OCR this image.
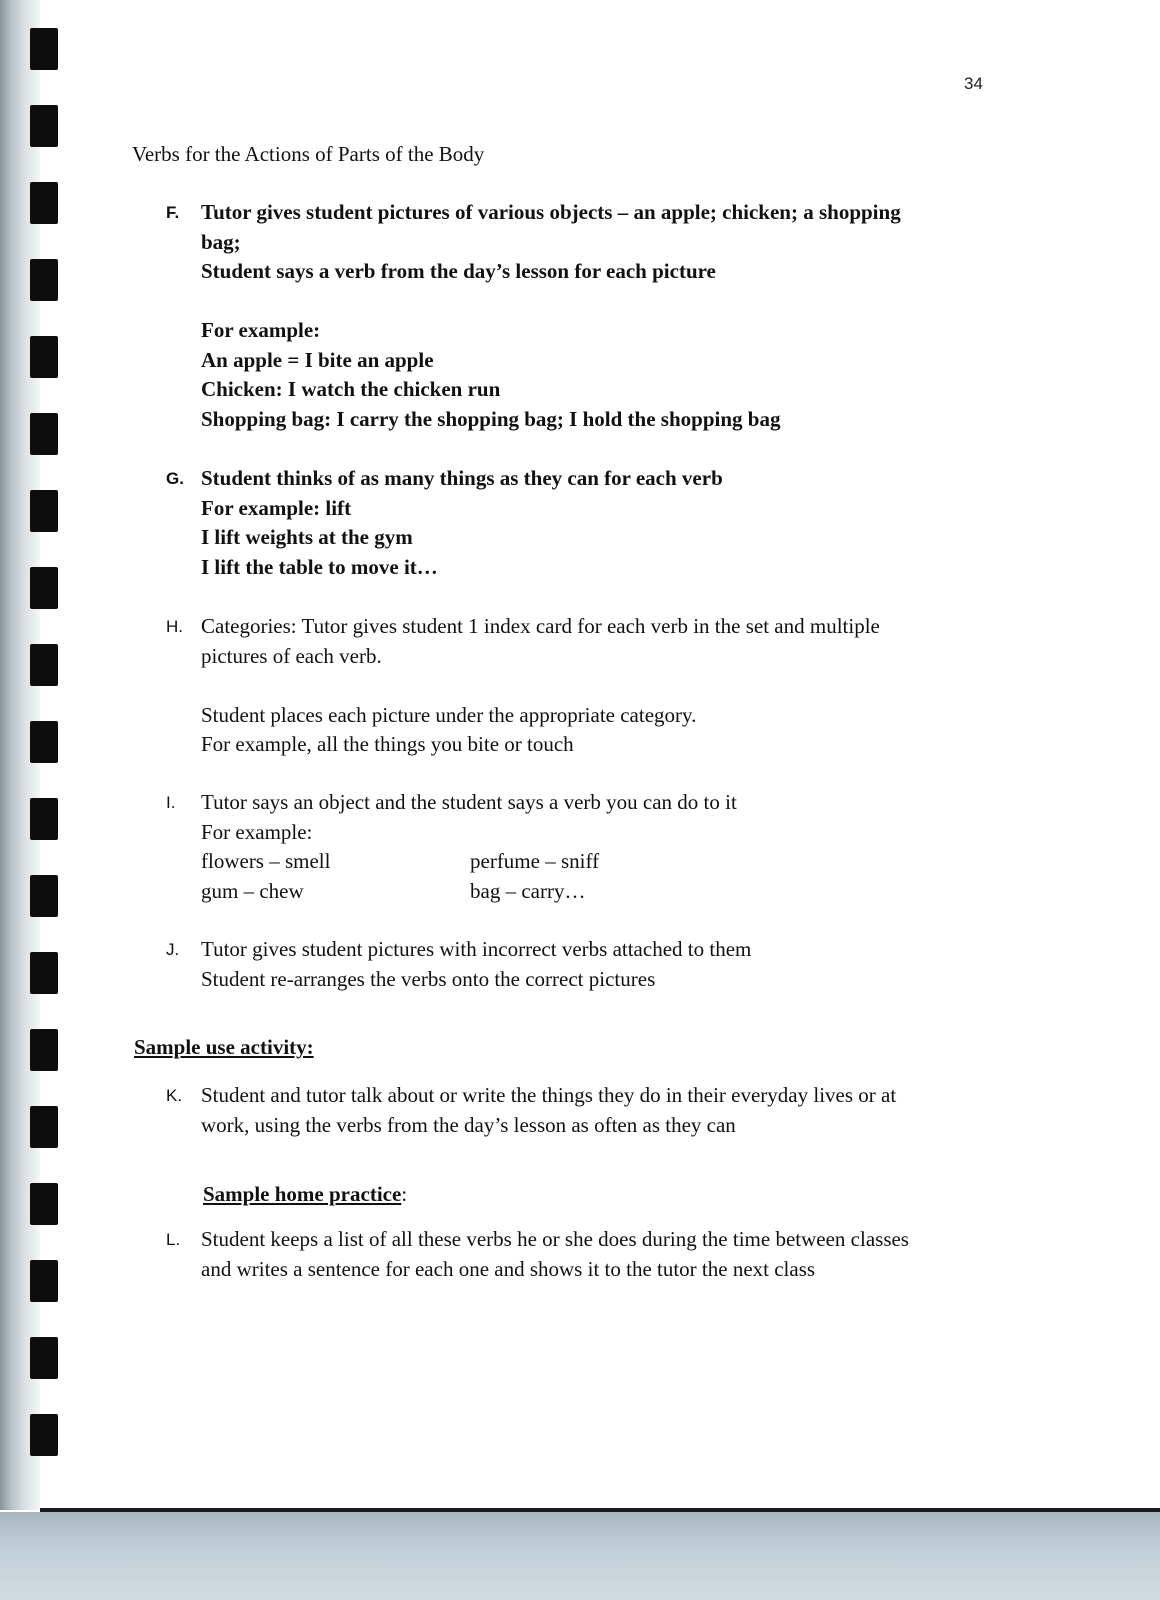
34
Verbs for the Actions of Parts of the Body
F.	Tutor gives student pictures of various objects – an apple; chicken; a shopping
bag;
Student says a verb from the day’s lesson for each picture
For example:
An apple = I bite an apple
Chicken: I watch the chicken run
Shopping bag: I carry the shopping bag; I hold the shopping bag
G. Student thinks of as many things as they can for each verb
For example: lift
I lift weights at the gym
I lift the table to move it…
H. Categories: Tutor gives student 1 index card for each verb in the set and multiple
pictures of each verb.
Student places each picture under the appropriate category.
For example, all the things you bite or touch
I.	Tutor says an object and the student says a verb you can do to it
For example:
flowers – smell	perfume – sniff
gum – chew	bag – carry…
J.	Tutor gives student pictures with incorrect verbs attached to them
Student re-arranges the verbs onto the correct pictures
Sample use activity:
K. Student and tutor talk about or write the things they do in their everyday lives or at
work, using the verbs from the day’s lesson as often as they can
Sample home practice:
L. Student keeps a list of all these verbs he or she does during the time between classes
and writes a sentence for each one and shows it to the tutor the next class
